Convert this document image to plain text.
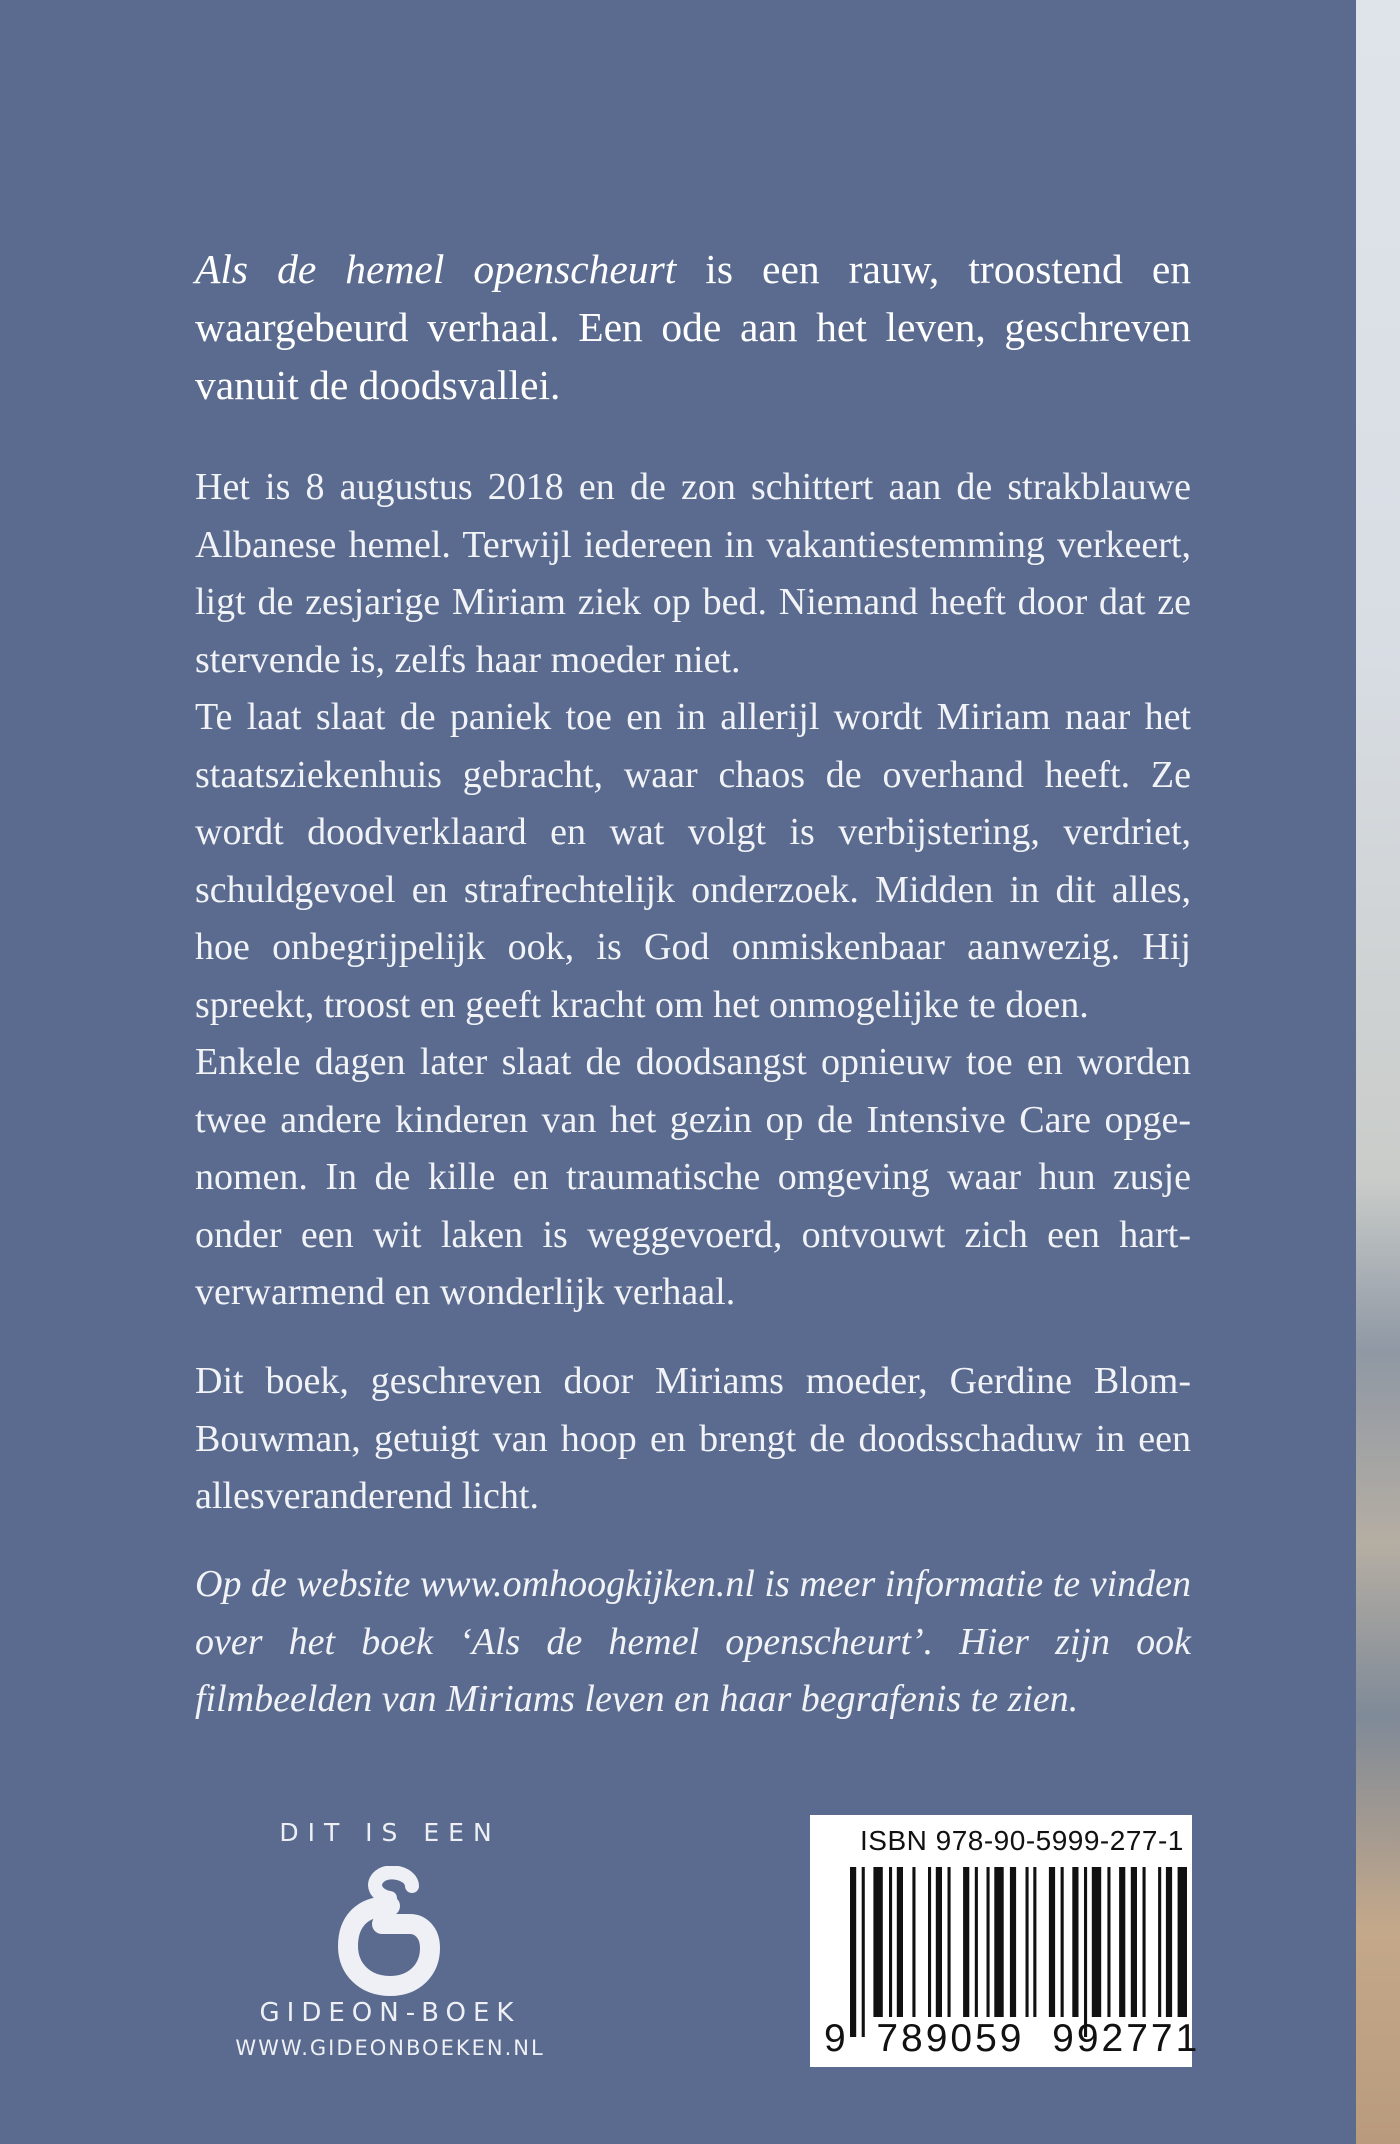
Als de hemel openscheurt is een rauw, troostend en waargebeurd verhaal. Een ode aan het leven, geschreven vanuit de doodsvallei.

Het is 8 augustus 2018 en de zon schittert aan de strakblauwe Albanese hemel. Terwijl iedereen in vakantiestemming verkeert, ligt de zesjarige Miriam ziek op bed. Niemand heeft door dat ze stervende is, zelfs haar moeder niet.

Te laat slaat de paniek toe en in allerijl wordt Miriam naar het staatsziekenhuis gebracht, waar chaos de overhand heeft. Ze wordt doodverklaard en wat volgt is verbijstering, verdriet, schuldgevoel en strafrechtelijk onderzoek. Midden in dit alles, hoe onbegrijpelijk ook, is God onmiskenbaar aanwezig. Hij spreekt, troost en geeft kracht om het onmogelijke te doen.

Enkele dagen later slaat de doodsangst opnieuw toe en worden twee andere kinderen van het gezin op de Intensive Care opge-nomen. In de kille en traumatische omgeving waar hun zusje onder een wit laken is weggevoerd, ontvouwt zich een hart-verwarmend en wonderlijk verhaal.

Dit boek, geschreven door Miriams moeder, Gerdine Blom-Bouwman, getuigt van hoop en brengt de doodsschaduw in een allesveranderend licht.

Op de website www.omhoogkijken.nl is meer informatie te vinden over het boek ‘Als de hemel openscheurt’. Hier zijn ook filmbeelden van Miriams leven en haar begrafenis te zien.

DIT IS EEN
GIDEON-BOEK
WWW.GIDEONBOEKEN.NL
ISBN 978-90-5999-277-1
9  789059  992771
